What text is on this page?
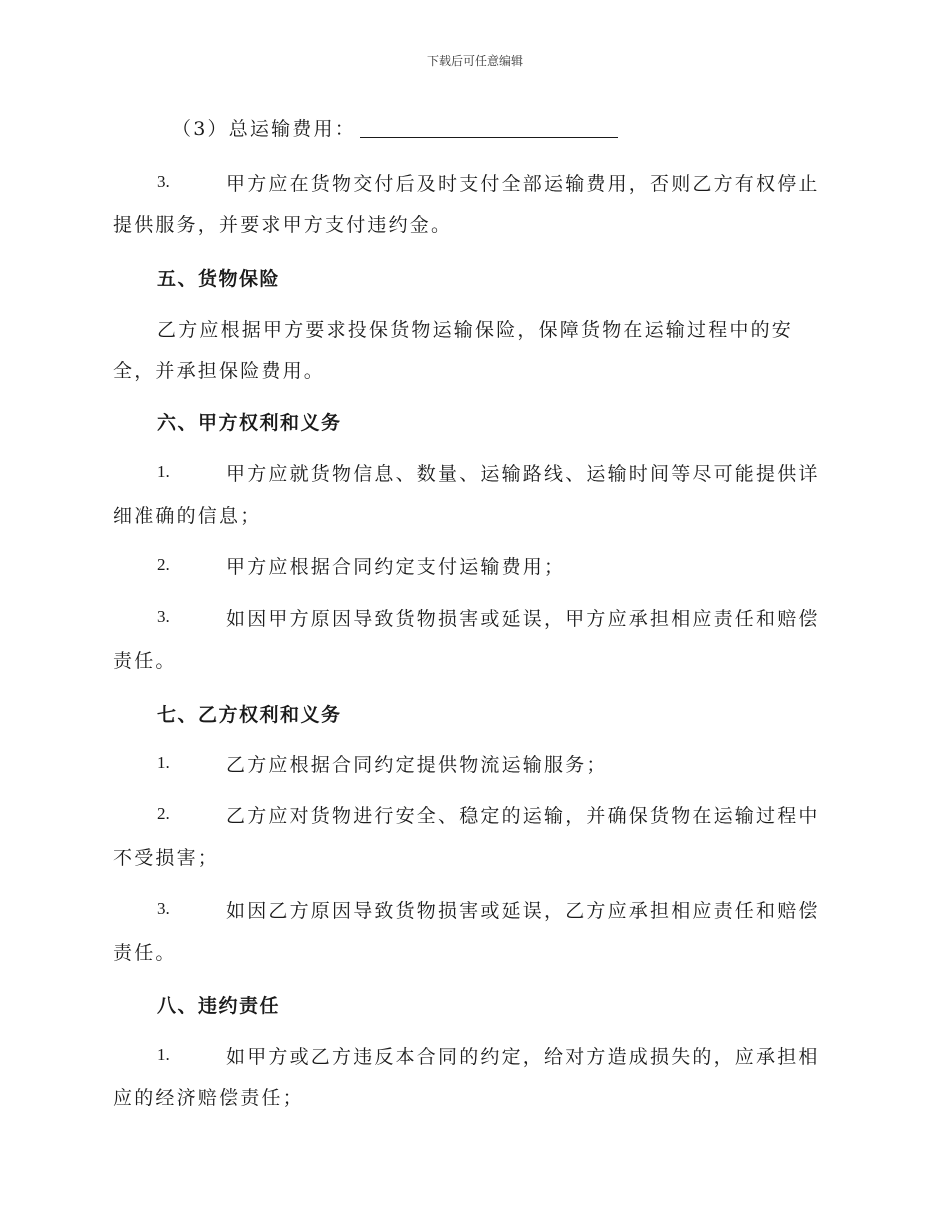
下载后可任意编辑
（3）总运输费用：
3.	甲方应在货物交付后及时支付全部运输费用，否则乙方有权停止
提供服务，并要求甲方支付违约金。
五、货物保险
乙方应根据甲方要求投保货物运输保险，保障货物在运输过程中的安
全，并承担保险费用。
六、甲方权利和义务
1.	甲方应就货物信息、数量、运输路线、运输时间等尽可能提供详
细准确的信息；
2.	甲方应根据合同约定支付运输费用；
3.	如因甲方原因导致货物损害或延误，甲方应承担相应责任和赔偿
责任。
七、乙方权利和义务
1.	乙方应根据合同约定提供物流运输服务；
2.	乙方应对货物进行安全、稳定的运输，并确保货物在运输过程中
不受损害；
3.	如因乙方原因导致货物损害或延误，乙方应承担相应责任和赔偿
责任。
八、违约责任
1.	如甲方或乙方违反本合同的约定，给对方造成损失的，应承担相
应的经济赔偿责任；
